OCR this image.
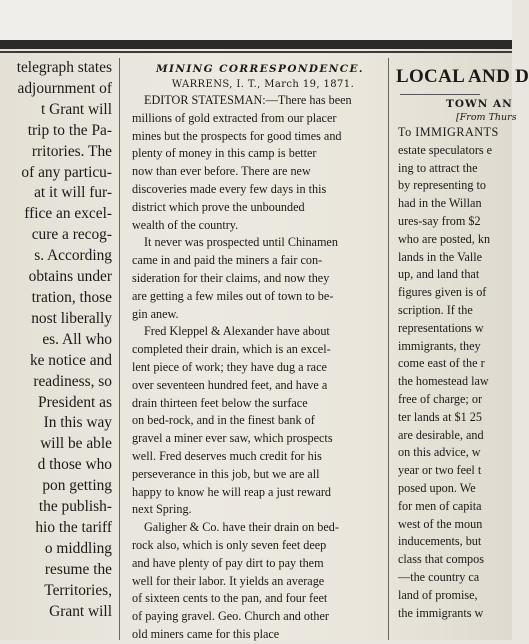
telegraph states
adjournment of
t Grant will
trip to the Pa-
rritories. The
of any particu-
at it will fur-
ffice an excel-
cure a recog-
s. According
obtains under
tration, those
nost liberally
es. All who
ke notice and
readiness, so
President as
In this way
will be able
d those who
pon getting
the publish-
hio the tariff
o middling
resume the
Territories,
Grant will

MINING CORRESPONDENCE.

WARRENS, I. T., March 19, 1871.

EDITOR STATESMAN:—There has been
millions of gold extracted from our placer
mines but the prospects for good times and
plenty of money in this camp is better
now than ever before. There are new
discoveries made every few days in this
district which prove the unbounded
wealth of the country.
It never was prospected until Chinamen
came in and paid the miners a fair con-
sideration for their claims, and now they
are getting a few miles out of town to be-
gin anew.
Fred Kleppel & Alexander have about
completed their drain, which is an excel-
lent piece of work; they have dug a race
over seventeen hundred feet, and have a
drain thirteen feet below the surface
on bed-rock, and in the finest bank of
gravel a miner ever saw, which prospects
well. Fred deserves much credit for his
perseverance in this job, but we are all
happy to know he will reap a just reward
next Spring.
Galigher & Co. have their drain on bed-
rock also, which is only seven feet deep
and have plenty of pay dirt to pay them
well for their labor. It yields an average
of sixteen cents to the pan, and four feet
of paying gravel. Geo. Church and other
old miners came for this place
LOCAL AND D
TOWN AN
[From Thurs
To IMMIGRANTS
estate speculators e
ing to attract the
by representing to
had in the Willan
ures-say from $2
who are posted, kn
lands in the Valle
up, and land that
figures given is of
scription. If the
representations w
immigrants, they
come east of the r
the homestead law
free of charge; or
ter lands at $1 25
are desirable, and
on this advice, w
year or two feel t
posed upon. We
for men of capita
west of the moun
inducements, but
class that compos
—the country ca
land of promise,
the immigrants w
